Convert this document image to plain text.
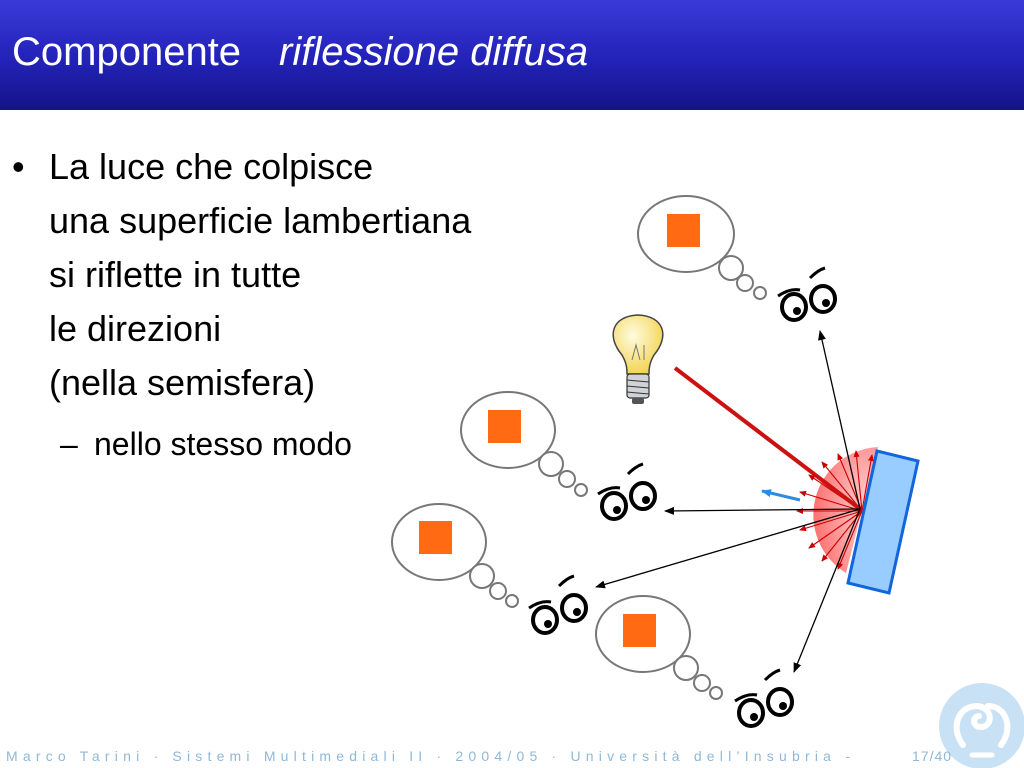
Componente riflessione diffusa
• La luce che colpisce
una superficie lambertiana
si riflette in tutte
le direzioni
(nella semisfera)
– nello stesso modo
Marco Tarini · Sistemi Multimediali II · 2004/05 · Università dell’Insubria -	17/40
